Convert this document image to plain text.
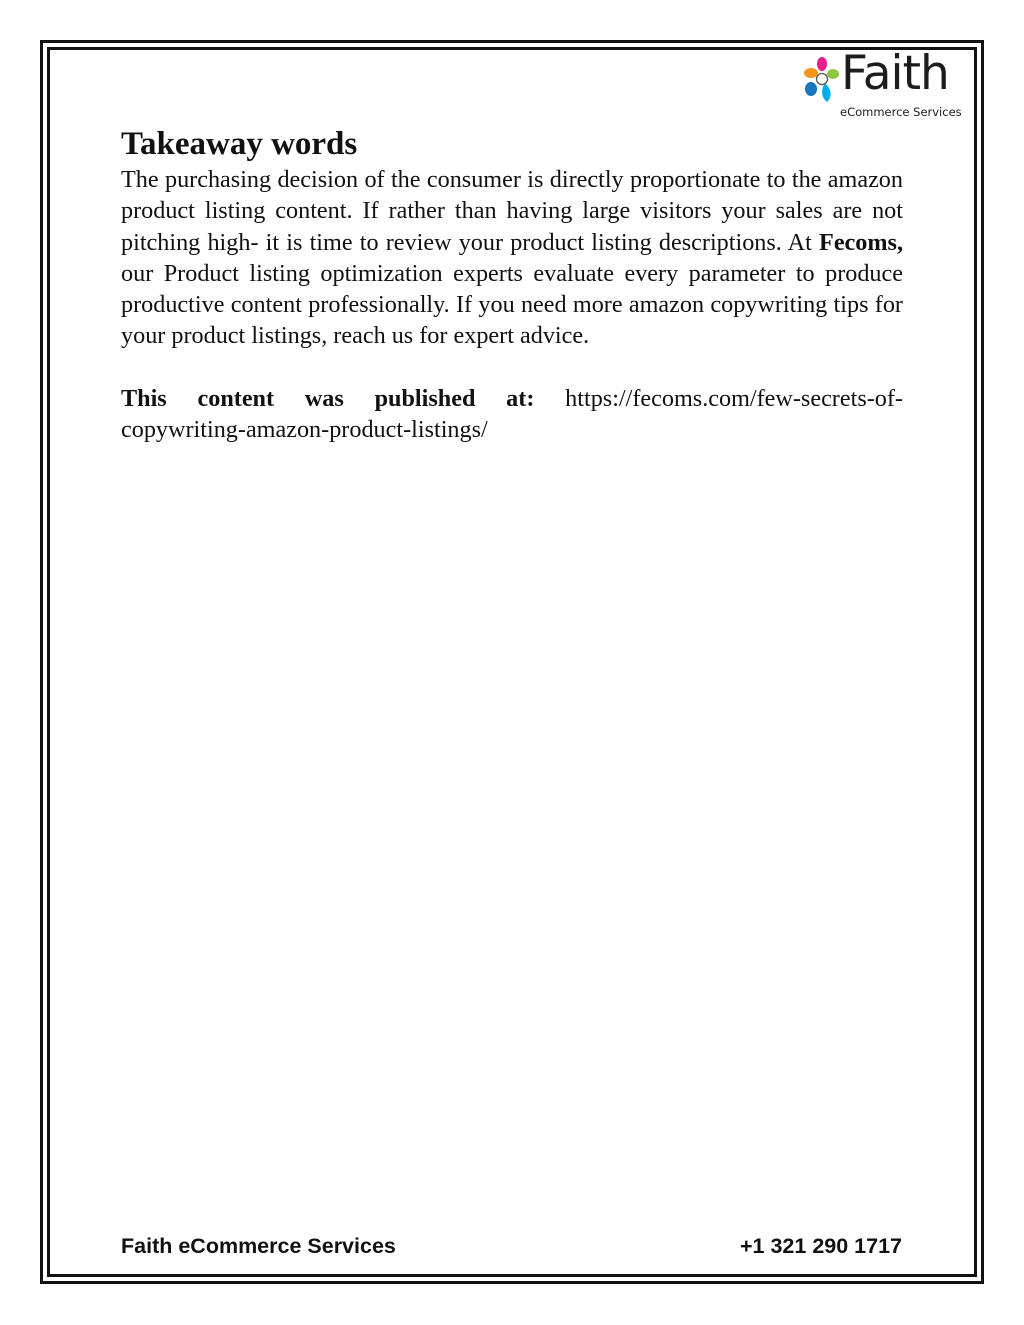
Faith
eCommerce Services
Takeaway words

The purchasing decision of the consumer is directly proportionate to the amazon product listing content. If rather than having large visitors your sales are not pitching high- it is time to review your product listing descriptions. At Fecoms, our Product listing optimization experts evaluate every parameter to produce productive content professionally. If you need more amazon copywriting tips for your product listings, reach us for expert advice.

This content was published at: https://fecoms.com/few-secrets-of-copywriting-amazon-product-listings/

Faith eCommerce Services	+1 321 290 1717
